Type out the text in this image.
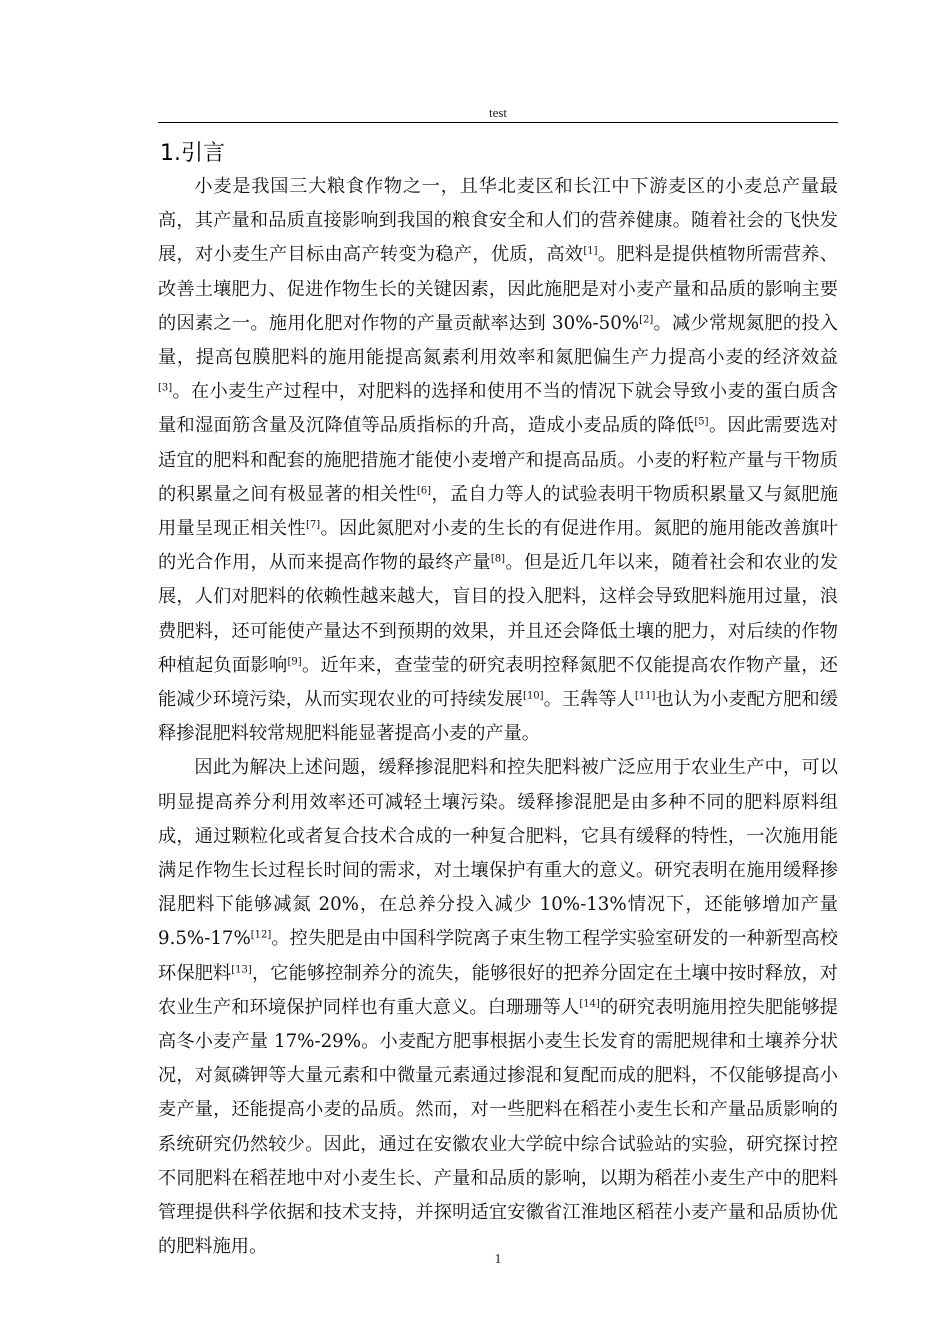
test
1.引言

小麦是我国三大粮食作物之一，且华北麦区和长江中下游麦区的小麦总产量最高，其产量和品质直接影响到我国的粮食安全和人们的营养健康。随着社会的飞快发展，对小麦生产目标由高产转变为稳产，优质，高效[1]。肥料是提供植物所需营养、改善土壤肥力、促进作物生长的关键因素，因此施肥是对小麦产量和品质的影响主要的因素之一。施用化肥对作物的产量贡献率达到 30%-50%[2]。减少常规氮肥的投入量，提高包膜肥料的施用能提高氮素利用效率和氮肥偏生产力提高小麦的经济效益[3]。在小麦生产过程中，对肥料的选择和使用不当的情况下就会导致小麦的蛋白质含量和湿面筋含量及沉降值等品质指标的升高，造成小麦品质的降低[5]。因此需要选对适宜的肥料和配套的施肥措施才能使小麦增产和提高品质。小麦的籽粒产量与干物质的积累量之间有极显著的相关性[6]，孟自力等人的试验表明干物质积累量又与氮肥施用量呈现正相关性[7]。因此氮肥对小麦的生长的有促进作用。氮肥的施用能改善旗叶的光合作用，从而来提高作物的最终产量[8]。但是近几年以来，随着社会和农业的发展，人们对肥料的依赖性越来越大，盲目的投入肥料，这样会导致肥料施用过量，浪费肥料，还可能使产量达不到预期的效果，并且还会降低土壤的肥力，对后续的作物种植起负面影响[9]。近年来，查莹莹的研究表明控释氮肥不仅能提高农作物产量，还能减少环境污染，从而实现农业的可持续发展[10]。王犇等人[11]也认为小麦配方肥和缓释掺混肥料较常规肥料能显著提高小麦的产量。

因此为解决上述问题，缓释掺混肥料和控失肥料被广泛应用于农业生产中，可以明显提高养分利用效率还可减轻土壤污染。缓释掺混肥是由多种不同的肥料原料组成，通过颗粒化或者复合技术合成的一种复合肥料，它具有缓释的特性，一次施用能满足作物生长过程长时间的需求，对土壤保护有重大的意义。研究表明在施用缓释掺混肥料下能够减氮 20%，在总养分投入减少 10%-13%情况下，还能够增加产量 9.5%-17%[12]。控失肥是由中国科学院离子束生物工程学实验室研发的一种新型高校环保肥料[13]，它能够控制养分的流失，能够很好的把养分固定在土壤中按时释放，对农业生产和环境保护同样也有重大意义。白珊珊等人[14]的研究表明施用控失肥能够提高冬小麦产量 17%-29%。小麦配方肥事根据小麦生长发育的需肥规律和土壤养分状况，对氮磷钾等大量元素和中微量元素通过掺混和复配而成的肥料，不仅能够提高小麦产量，还能提高小麦的品质。然而，对一些肥料在稻茬小麦生长和产量品质影响的系统研究仍然较少。因此，通过在安徽农业大学皖中综合试验站的实验，研究探讨控不同肥料在稻茬地中对小麦生长、产量和品质的影响，以期为稻茬小麦生产中的肥料管理提供科学依据和技术支持，并探明适宜安徽省江淮地区稻茬小麦产量和品质协优的肥料施用。

1
